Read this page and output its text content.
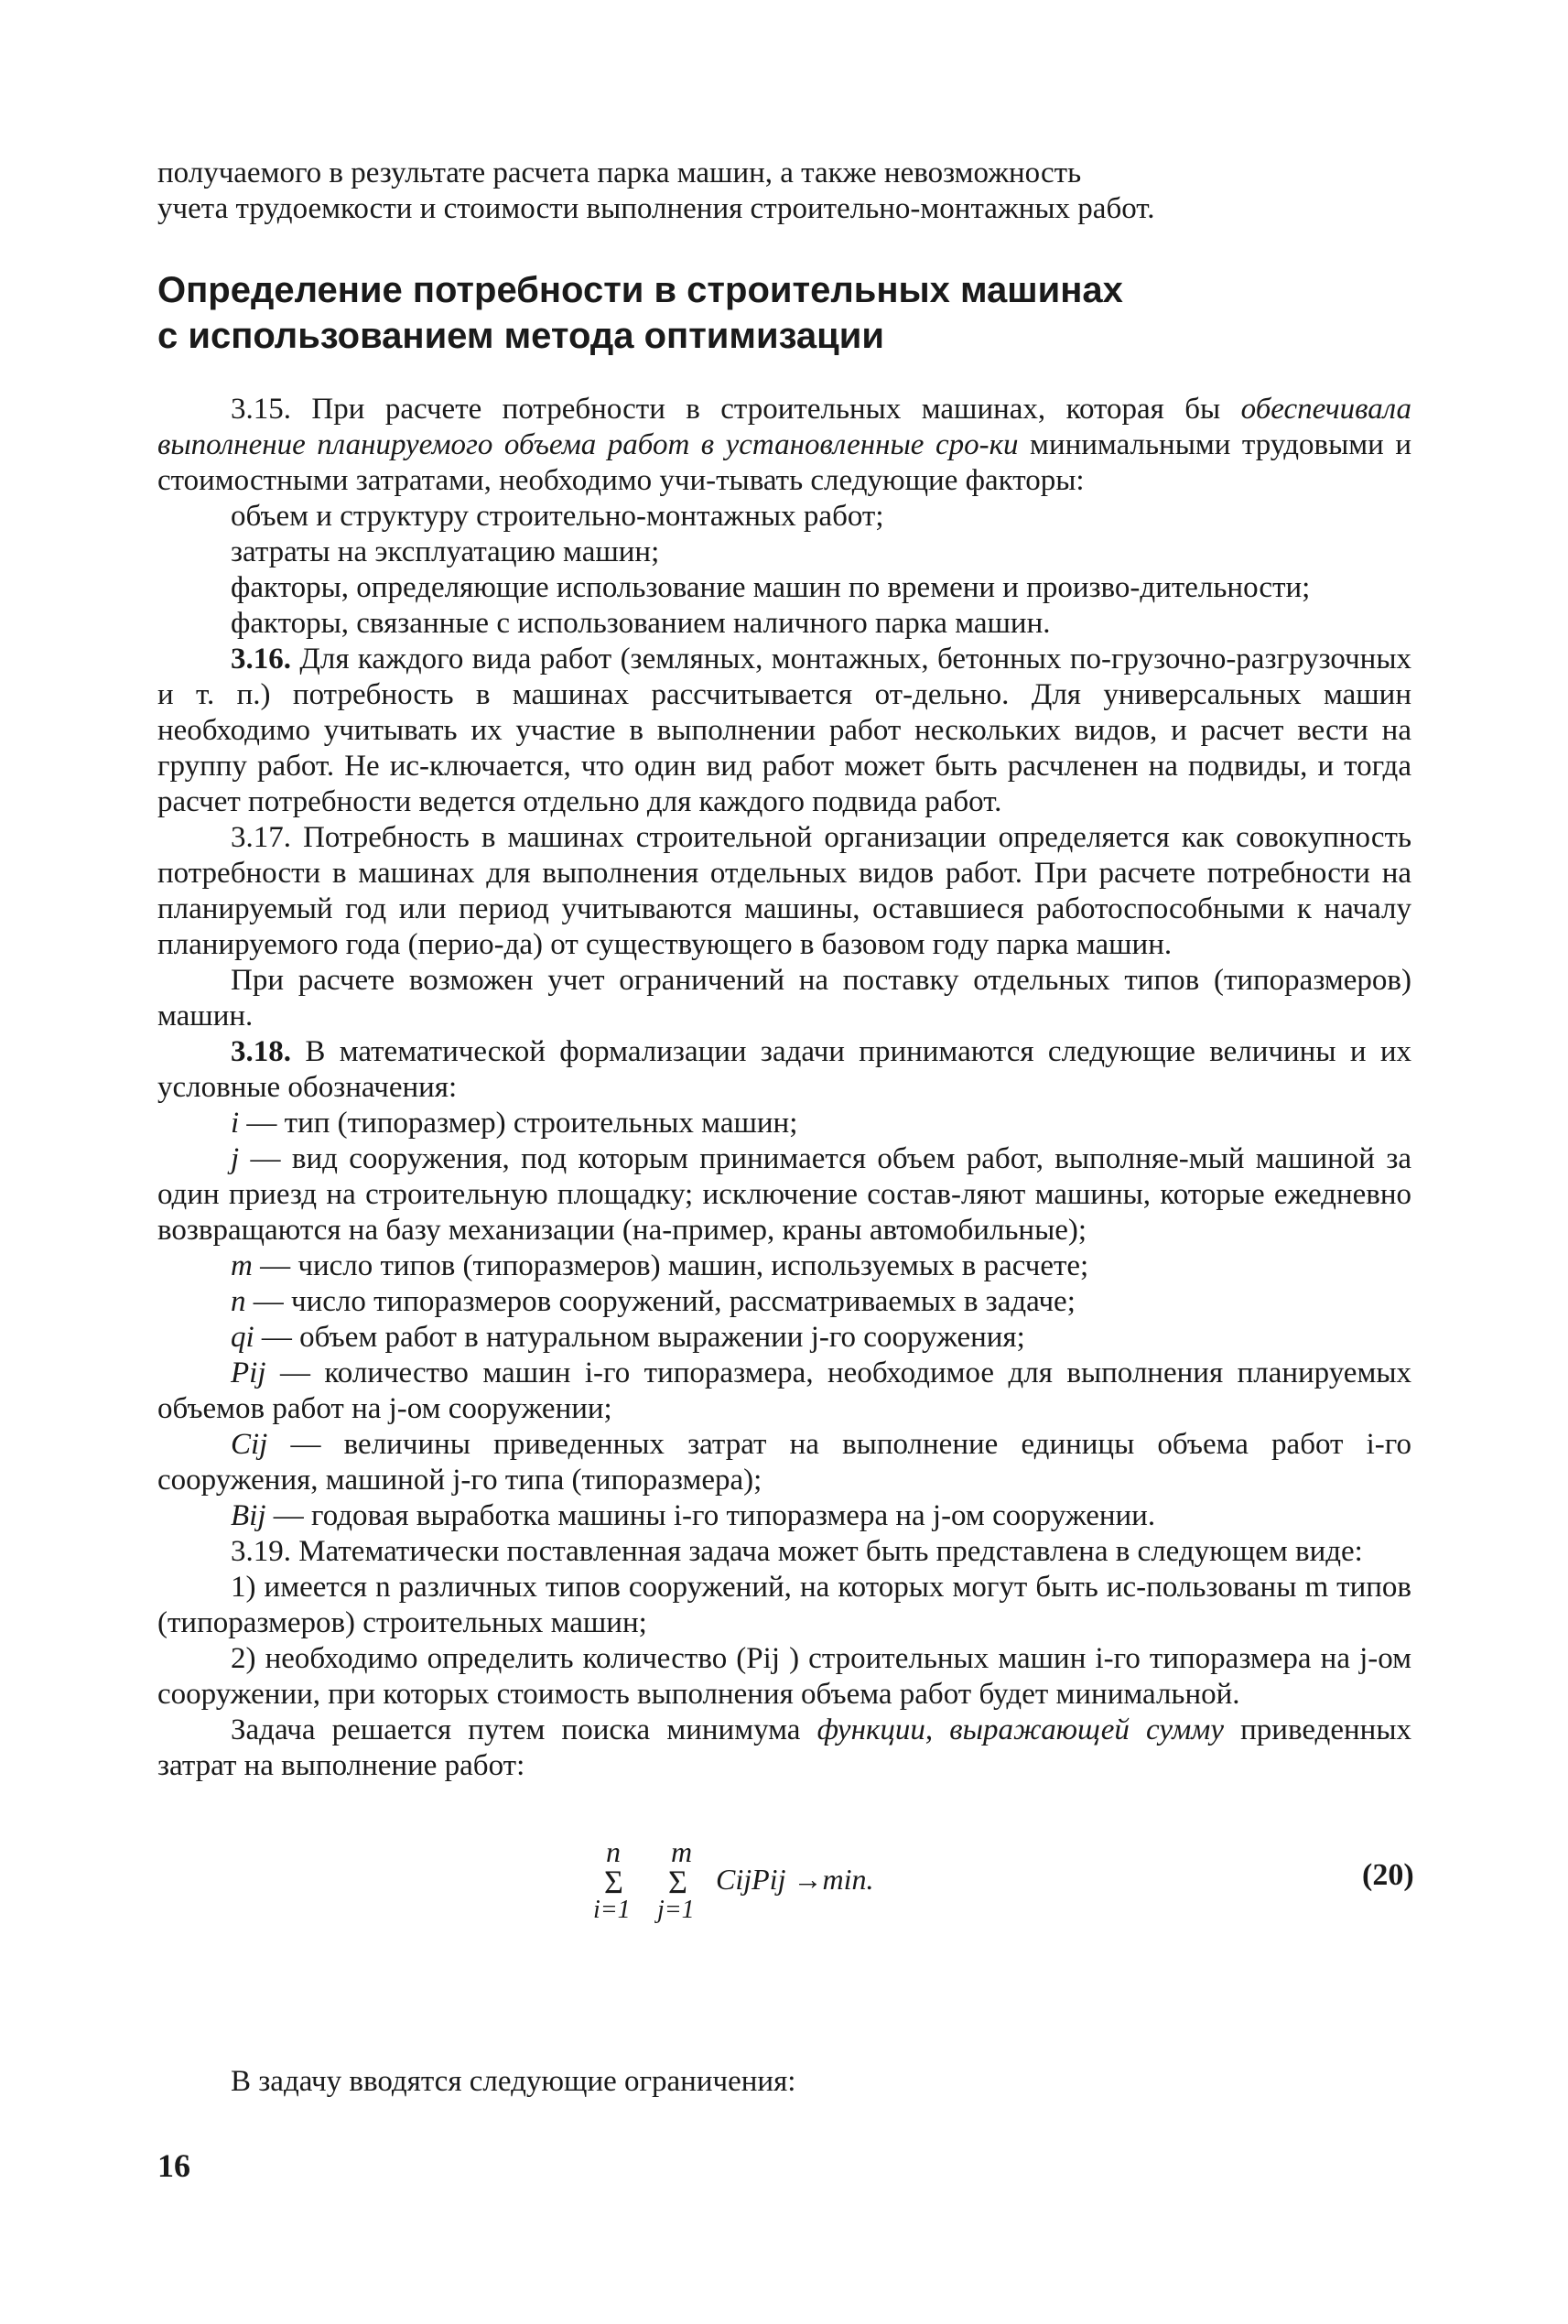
получаемого в результате расчета парка машин, а также невозможность

учета трудоемкости и стоимости выполнения строительно-монтажных работ.

Определение потребности в строительных машинах

с использованием метода оптимизации

3.15. При расчете потребности в строительных машинах, которая бы обеспечивала выполнение планируемого объема работ в установленные сро-ки минимальными трудовыми и стоимостными затратами, необходимо учи-тывать следующие факторы:

объем и структуру строительно-монтажных работ;

затраты на эксплуатацию машин;

факторы, определяющие использование машин по времени и произво-дительности;

факторы, связанные с использованием наличного парка машин.

3.16. Для каждого вида работ (земляных, монтажных, бетонных по-грузочно-разгрузочных и т. п.) потребность в машинах рассчитывается от-дельно. Для универсальных машин необходимо учитывать их участие в выполнении работ нескольких видов, и расчет вести на группу работ. Не ис-ключается, что один вид работ может быть расчленен на подвиды, и тогда расчет потребности ведется отдельно для каждого подвида работ.

3.17. Потребность в машинах строительной организации определяется как совокупность потребности в машинах для выполнения отдельных видов работ. При расчете потребности на планируемый год или период учитываются машины, оставшиеся работоспособными к началу планируемого года (перио-да) от существующего в базовом году парка машин.

При расчете возможен учет ограничений на поставку отдельных типов (типоразмеров) машин.

3.18. В математической формализации задачи принимаются следующие величины и их условные обозначения:

i — тип (типоразмер) строительных машин;

j — вид сооружения, под которым принимается объем работ, выполняе-мый машиной за один приезд на строительную площадку; исключение состав-ляют машины, которые ежедневно возвращаются на базу механизации (на-пример, краны автомобильные);

m — число типов (типоразмеров) машин, используемых в расчете;

n — число типоразмеров сооружений, рассматриваемых в задаче;

qi — объем работ в натуральном выражении j-го сооружения;

Pij — количество машин i-го типоразмера, необходимое для выполнения планируемых объемов работ на j-ом сооружении;

Cij — величины приведенных затрат на выполнение единицы объема работ i-го сооружения, машиной j-го типа (типоразмера);

Bij — годовая выработка машины i-го типоразмера на j-ом сооружении.

3.19. Математически поставленная задача может быть представлена в следующем виде:

1) имеется n различных типов сооружений, на которых могут быть ис-пользованы m типов (типоразмеров) строительных машин;

2) необходимо определить количество (Pij ) строительных машин i-го типоразмера на j-ом сооружении, при которых стоимость выполнения объема работ будет минимальной.

Задача решается путем поиска минимума функции, выражающей сумму приведенных затрат на выполнение работ:

n m
Σ Σ
i=1 j=1
CijPij →min.	(20)

В задачу вводятся следующие ограничения:

16
